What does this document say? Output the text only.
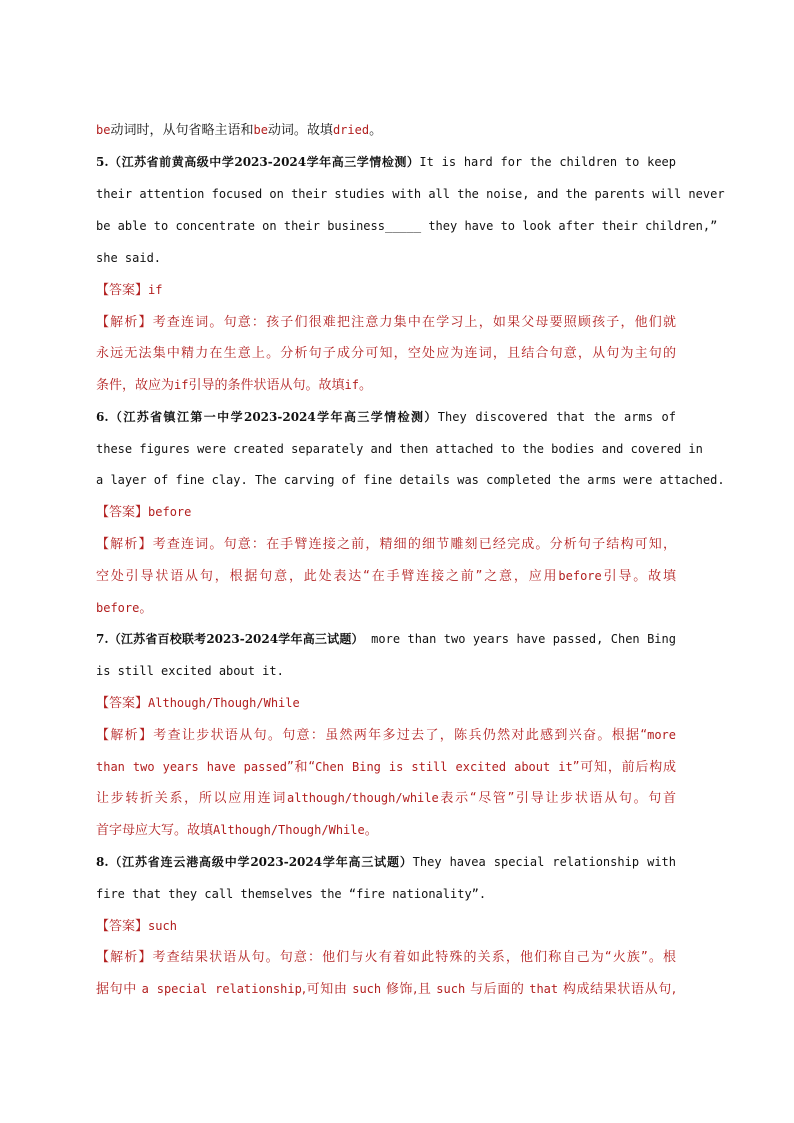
be动词时，从句省略主语和be动词。故填dried。
5.（江苏省前黄高级中学2023-2024学年高三学情检测）It is hard for the children to keep
their attention focused on their studies with all the noise, and the parents will never
be able to concentrate on their business_____ they have to look after their children,”
she said.
【答案】if
【解析】考查连词。句意：孩子们很难把注意力集中在学习上，如果父母要照顾孩子，他们就
永远无法集中精力在生意上。分析句子成分可知，空处应为连词，且结合句意，从句为主句的
条件，故应为if引导的条件状语从句。故填if。
6.（江苏省镇江第一中学2023-2024学年高三学情检测）They discovered that the arms of
these figures were created separately and then attached to the bodies and covered in
a layer of fine clay. The carving of fine details was completed the arms were attached.
【答案】before
【解析】考查连词。句意：在手臂连接之前，精细的细节雕刻已经完成。分析句子结构可知，
空处引导状语从句，根据句意，此处表达“在手臂连接之前”之意，应用before引导。故填
before。
7.（江苏省百校联考2023-2024学年高三试题） more than two years have passed, Chen Bing
is still excited about it.
【答案】Although/Though/While
【解析】考查让步状语从句。句意：虽然两年多过去了，陈兵仍然对此感到兴奋。根据“more
than two years have passed”和“Chen Bing is still excited about it”可知，前后构成
让步转折关系，所以应用连词although/though/while表示“尽管”引导让步状语从句。句首
首字母应大写。故填Although/Though/While。
8.（江苏省连云港高级中学2023-2024学年高三试题）They havea special relationship with
fire that they call themselves the “fire nationality”.
【答案】such
【解析】考查结果状语从句。句意：他们与火有着如此特殊的关系，他们称自己为“火族”。根
据句中 a special relationship,可知由 such 修饰,且 such 与后面的 that 构成结果状语从句,
